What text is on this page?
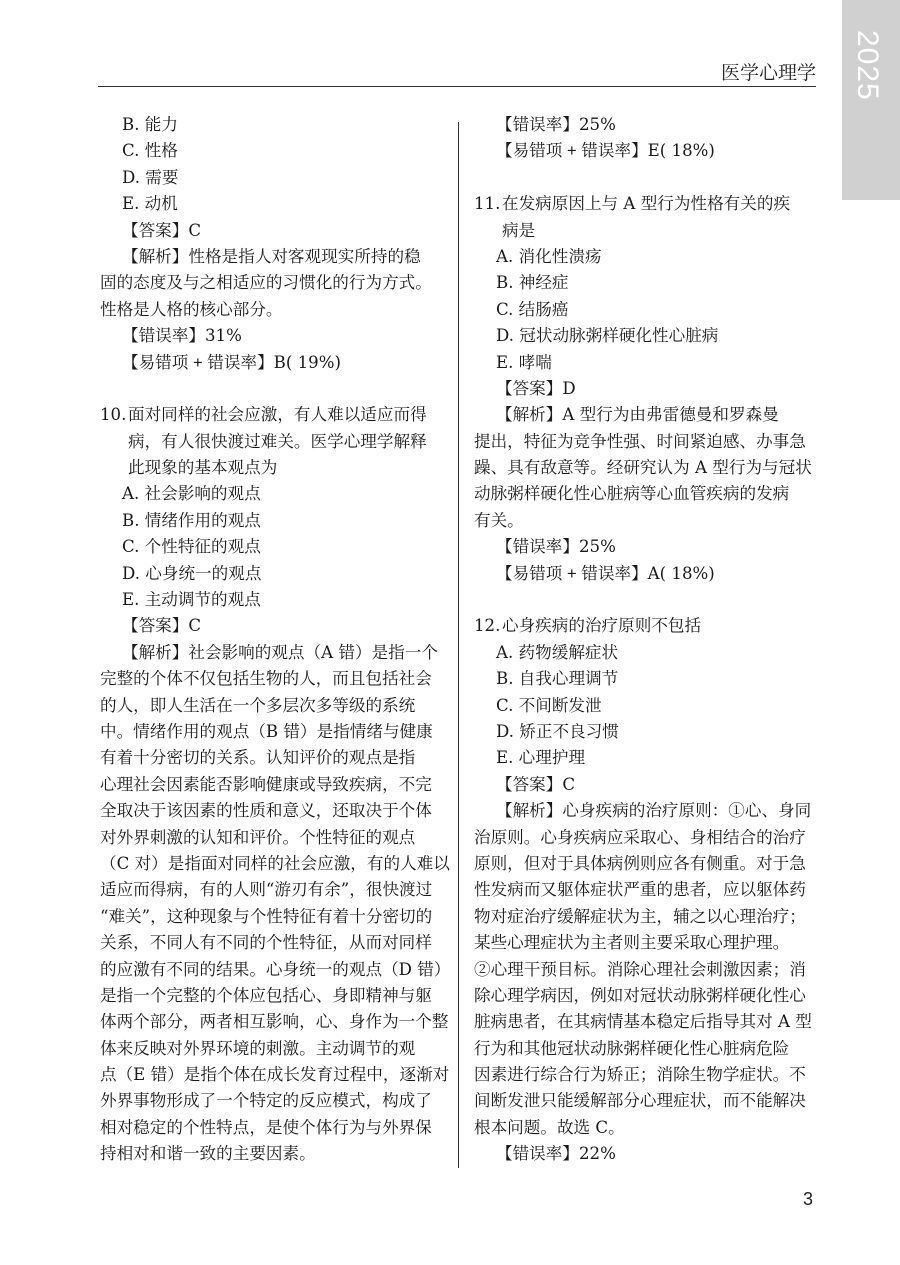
2025
医学心理学
B. 能力
C. 性格
D. 需要
E. 动机
【答案】C
【解析】性格是指人对客观现实所持的稳
固的态度及与之相适应的习惯化的行为方式。
性格是人格的核心部分。
【错误率】31%
【易错项 + 错误率】B( 19%)
10. 面对同样的社会应激，有人难以适应而得
病，有人很快渡过难关。医学心理学解释
此现象的基本观点为
A. 社会影响的观点
B. 情绪作用的观点
C. 个性特征的观点
D. 心身统一的观点
E. 主动调节的观点
【答案】C
【解析】社会影响的观点（A 错）是指一个
完整的个体不仅包括生物的人，而且包括社会
的人，即人生活在一个多层次多等级的系统
中。情绪作用的观点（B 错）是指情绪与健康
有着十分密切的关系。认知评价的观点是指
心理社会因素能否影响健康或导致疾病，不完
全取决于该因素的性质和意义，还取决于个体
对外界刺激的认知和评价。个性特征的观点
（C 对）是指面对同样的社会应激，有的人难以
适应而得病，有的人则“游刃有余”，很快渡过
“难关”，这种现象与个性特征有着十分密切的
关系，不同人有不同的个性特征，从而对同样
的应激有不同的结果。心身统一的观点（D 错）
是指一个完整的个体应包括心、身即精神与躯
体两个部分，两者相互影响，心、身作为一个整
体来反映对外界环境的刺激。主动调节的观
点（E 错）是指个体在成长发育过程中，逐渐对
外界事物形成了一个特定的反应模式，构成了
相对稳定的个性特点，是使个体行为与外界保
持相对和谐一致的主要因素。
【错误率】25%
【易错项 + 错误率】E( 18%)
11. 在发病原因上与 A 型行为性格有关的疾
病是
A. 消化性溃疡
B. 神经症
C. 结肠癌
D. 冠状动脉粥样硬化性心脏病
E. 哮喘
【答案】D
【解析】A 型行为由弗雷德曼和罗森曼
提出，特征为竞争性强、时间紧迫感、办事急
躁、具有敌意等。经研究认为 A 型行为与冠状
动脉粥样硬化性心脏病等心血管疾病的发病
有关。
【错误率】25%
【易错项 + 错误率】A( 18%)
12. 心身疾病的治疗原则不包括
A. 药物缓解症状
B. 自我心理调节
C. 不间断发泄
D. 矫正不良习惯
E. 心理护理
【答案】C
【解析】心身疾病的治疗原则：①心、身同
治原则。心身疾病应采取心、身相结合的治疗
原则，但对于具体病例则应各有侧重。对于急
性发病而又躯体症状严重的患者，应以躯体药
物对症治疗缓解症状为主，辅之以心理治疗；
某些心理症状为主者则主要采取心理护理。
②心理干预目标。消除心理社会刺激因素；消
除心理学病因，例如对冠状动脉粥样硬化性心
脏病患者，在其病情基本稳定后指导其对 A 型
行为和其他冠状动脉粥样硬化性心脏病危险
因素进行综合行为矫正；消除生物学症状。不
间断发泄只能缓解部分心理症状，而不能解决
根本问题。故选 C。
【错误率】22%
3
